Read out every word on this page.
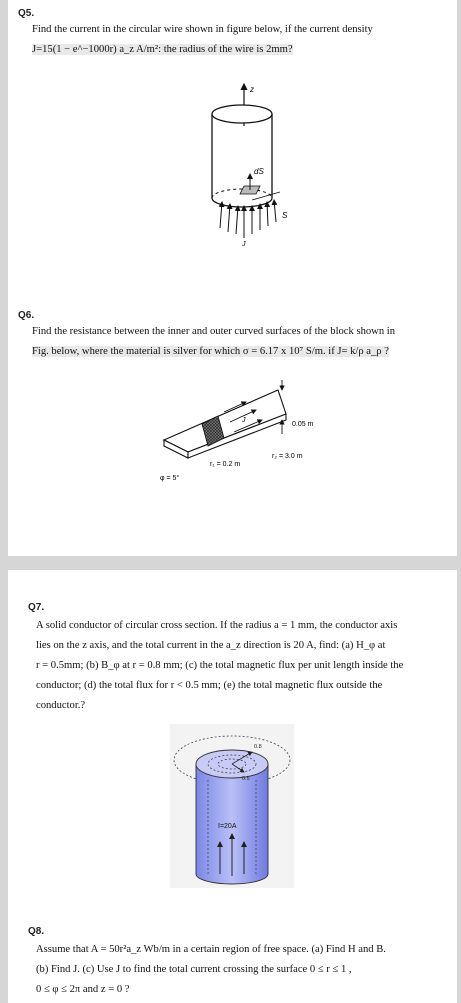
Q5.
Find the current in the circular wire shown in figure below, if the current density
J=15(1 − e^−1000r) a_z A/m²: the radius of the wire is 2mm?
z
dS
S
J
Q6.
Find the resistance between the inner and outer curved surfaces of the block shown in
Fig. below, where the material is silver for which σ = 6.17 x 10⁷ S/m. if J= k/ρ a_ρ ?
J
0.05 m
r₁ = 0.2 m
r₂ = 3.0 m
φ = 5°
Q7.
A solid conductor of circular cross section. If the radius a = 1 mm, the conductor axis
lies on the z axis, and the total current in the a_z direction is 20 A, find: (a) H_φ at
r = 0.5mm; (b) B_φ at r = 0.8 mm; (c) the total magnetic flux per unit length inside the
conductor; (d) the total flux for r < 0.5 mm; (e) the total magnetic flux outside the
conductor.?
0.8
0.5
I=20A
Q8.
Assume that A = 50r²a_z Wb/m in a certain region of free space. (a) Find H and B.
(b) Find J. (c) Use J to find the total current crossing the surface 0 ≤ r ≤ 1 ,
0 ≤ φ ≤ 2π and z = 0 ?
